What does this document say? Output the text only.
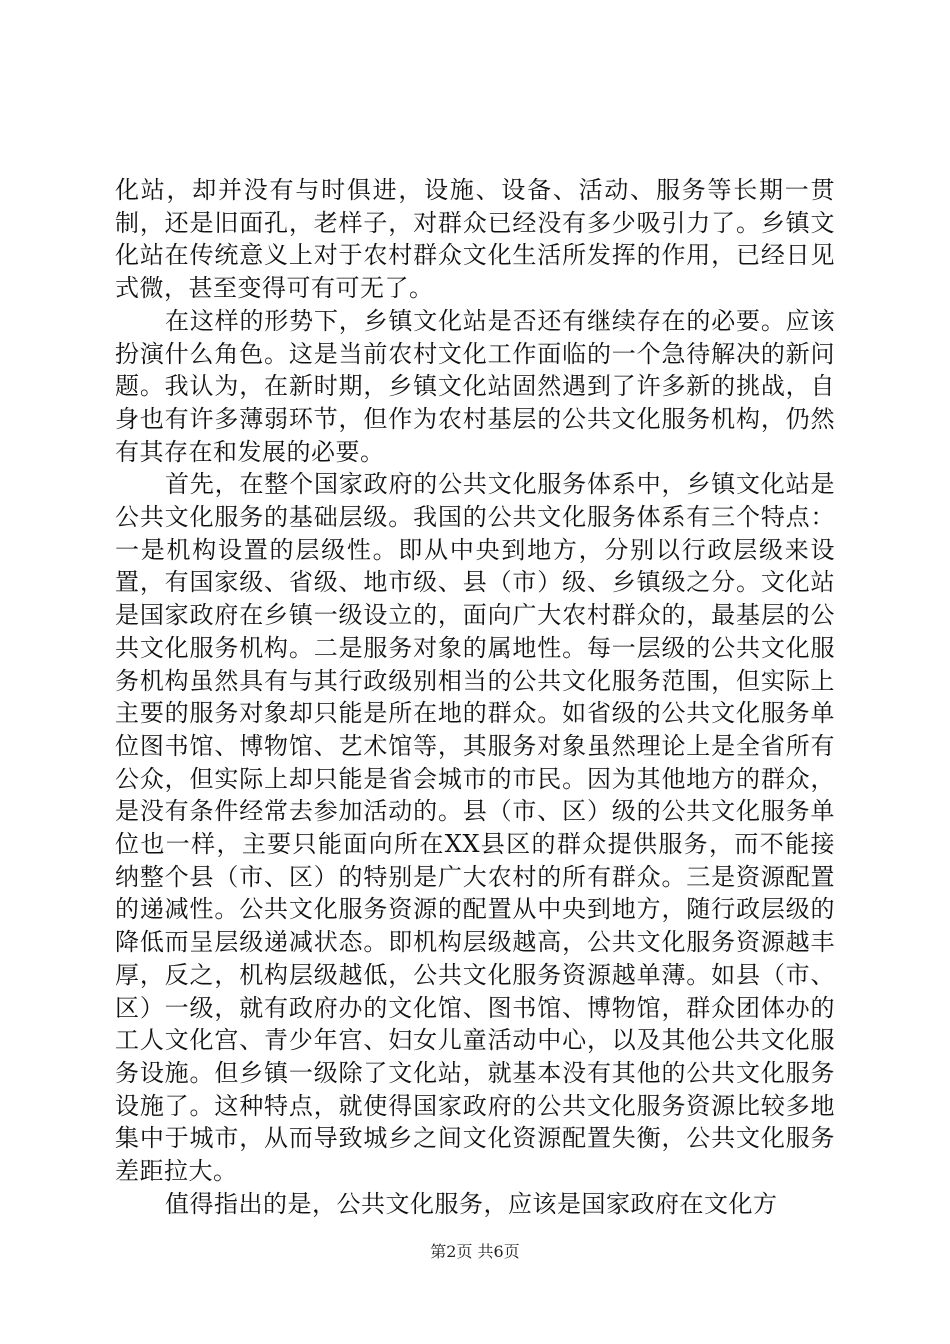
化站，却并没有与时俱进，设施、设备、活动、服务等长期一贯制，还是旧面孔，老样子，对群众已经没有多少吸引力了。乡镇文化站在传统意义上对于农村群众文化生活所发挥的作用，已经日见式微，甚至变得可有可无了。

在这样的形势下，乡镇文化站是否还有继续存在的必要。应该扮演什么角色。这是当前农村文化工作面临的一个急待解决的新问题。我认为，在新时期，乡镇文化站固然遇到了许多新的挑战，自身也有许多薄弱环节，但作为农村基层的公共文化服务机构，仍然有其存在和发展的必要。

首先，在整个国家政府的公共文化服务体系中，乡镇文化站是公共文化服务的基础层级。我国的公共文化服务体系有三个特点：一是机构设置的层级性。即从中央到地方，分别以行政层级来设置，有国家级、省级、地市级、县（市）级、乡镇级之分。文化站是国家政府在乡镇一级设立的，面向广大农村群众的，最基层的公共文化服务机构。二是服务对象的属地性。每一层级的公共文化服务机构虽然具有与其行政级别相当的公共文化服务范围，但实际上主要的服务对象却只能是所在地的群众。如省级的公共文化服务单位图书馆、博物馆、艺术馆等，其服务对象虽然理论上是全省所有公众，但实际上却只能是省会城市的市民。因为其他地方的群众，是没有条件经常去参加活动的。县（市、区）级的公共文化服务单位也一样，主要只能面向所在XX县区的群众提供服务，而不能接纳整个县（市、区）的特别是广大农村的所有群众。三是资源配置的递减性。公共文化服务资源的配置从中央到地方，随行政层级的降低而呈层级递减状态。即机构层级越高，公共文化服务资源越丰厚，反之，机构层级越低，公共文化服务资源越单薄。如县（市、区）一级，就有政府办的文化馆、图书馆、博物馆，群众团体办的工人文化宫、青少年宫、妇女儿童活动中心，以及其他公共文化服务设施。但乡镇一级除了文化站，就基本没有其他的公共文化服务设施了。这种特点，就使得国家政府的公共文化服务资源比较多地集中于城市，从而导致城乡之间文化资源配置失衡，公共文化服务差距拉大。

值得指出的是，公共文化服务，应该是国家政府在文化方

第2页 共6页
